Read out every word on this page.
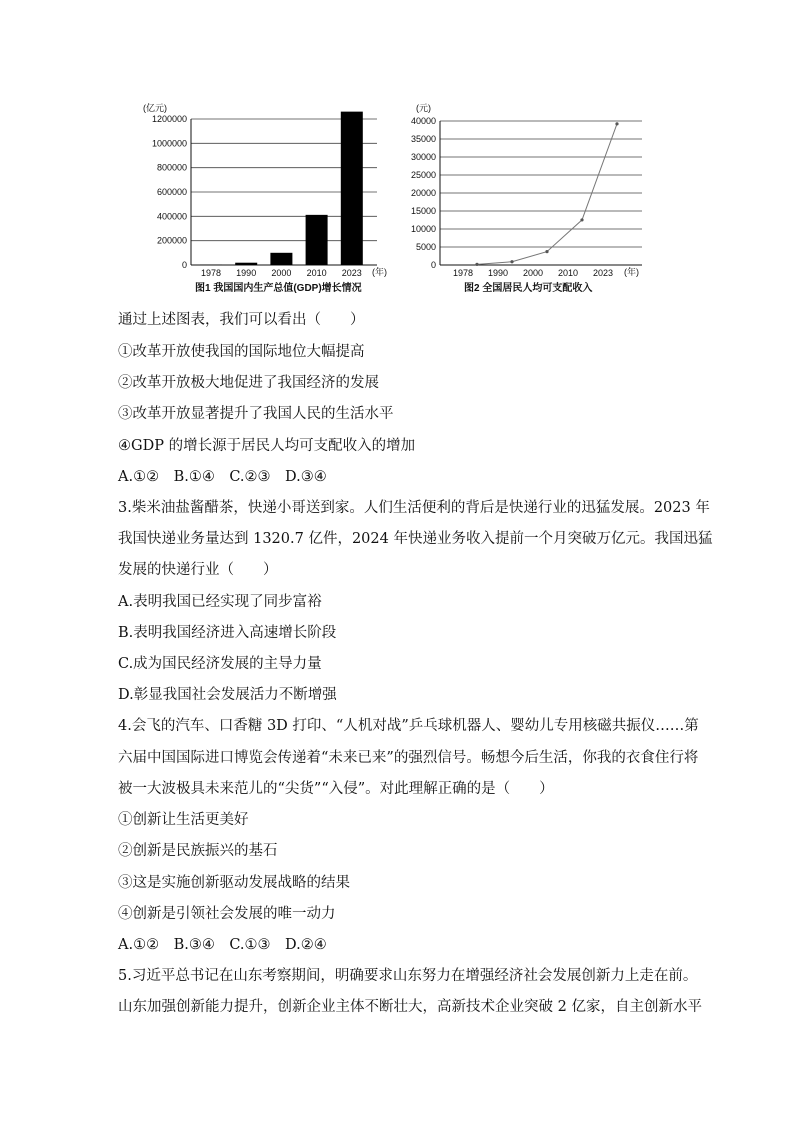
(亿元)
0
200000
400000
600000
800000
1000000
1200000
1978 1990 2000 2010 2023 (年)
图1 我国国内生产总值(GDP)增长情况
(元)
0
5000
10000
15000
20000
25000
30000
35000
40000
1978 1990 2000 2010 2023 (年)
图2 全国居民人均可支配收入
通过上述图表，我们可以看出（　　）
①改革开放使我国的国际地位大幅提高
②改革开放极大地促进了我国经济的发展
③改革开放显著提升了我国人民的生活水平
④GDP 的增长源于居民人均可支配收入的增加
A.①②　B.①④　C.②③　D.③④
3.柴米油盐酱醋茶，快递小哥送到家。人们生活便利的背后是快递行业的迅猛发展。2023 年
我国快递业务量达到 1320.7 亿件，2024 年快递业务收入提前一个月突破万亿元。我国迅猛
发展的快递行业（　　）
A.表明我国已经实现了同步富裕
B.表明我国经济进入高速增长阶段
C.成为国民经济发展的主导力量
D.彰显我国社会发展活力不断增强
4.会飞的汽车、口香糖 3D 打印、“人机对战”乒乓球机器人、婴幼儿专用核磁共振仪……第
六届中国国际进口博览会传递着“未来已来”的强烈信号。畅想今后生活，你我的衣食住行将
被一大波极具未来范儿的“尖货”“入侵”。对此理解正确的是（　　）
①创新让生活更美好
②创新是民族振兴的基石
③这是实施创新驱动发展战略的结果
④创新是引领社会发展的唯一动力
A.①②　B.③④　C.①③　D.②④
5.习近平总书记在山东考察期间，明确要求山东努力在增强经济社会发展创新力上走在前。
山东加强创新能力提升，创新企业主体不断壮大，高新技术企业突破 2 亿家，自主创新水平
